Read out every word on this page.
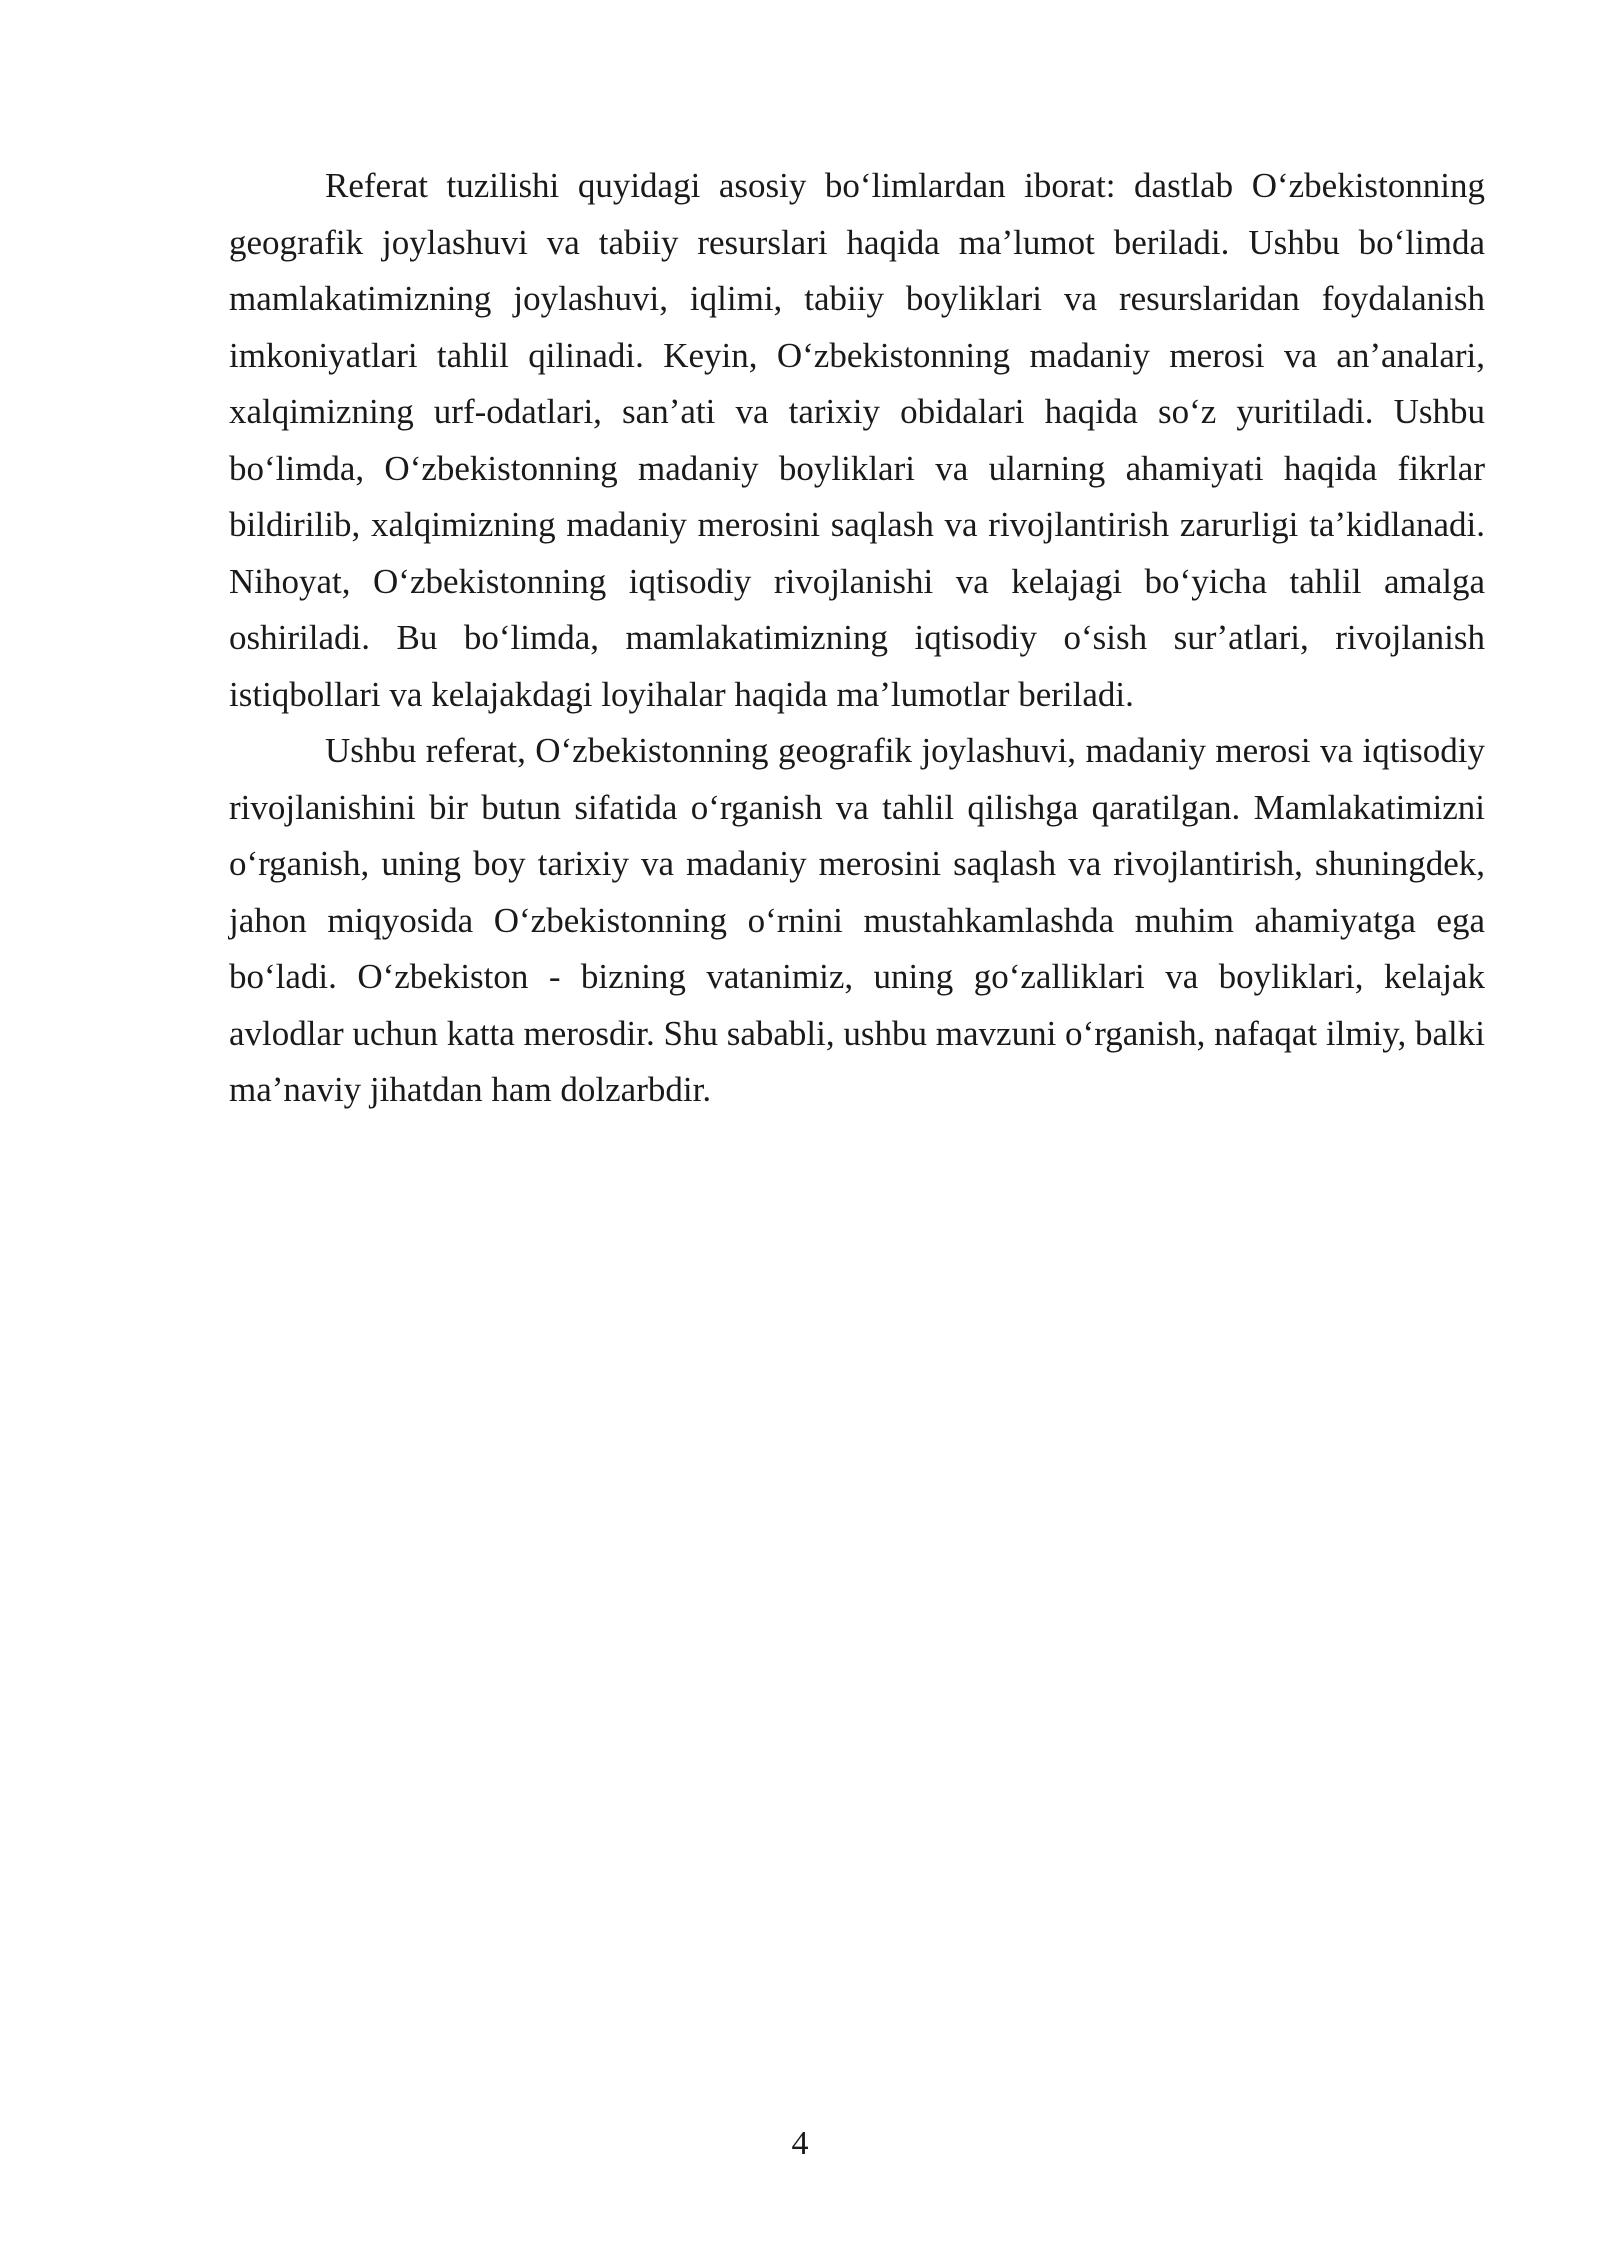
Referat tuzilishi quyidagi asosiy boʻlimlardan iborat: dastlab Oʻzbekistonning geografik joylashuvi va tabiiy resurslari haqida maʼlumot beriladi. Ushbu boʻlimda mamlakatimizning joylashuvi, iqlimi, tabiiy boyliklari va resurslaridan foydalanish imkoniyatlari tahlil qilinadi. Keyin, Oʻzbekistonning madaniy merosi va anʼanalari, xalqimizning urf-odatlari, sanʼati va tarixiy obidalari haqida soʻz yuritiladi. Ushbu boʻlimda, Oʻzbekistonning madaniy boyliklari va ularning ahamiyati haqida fikrlar bildirilib, xalqimizning madaniy merosini saqlash va rivojlantirish zarurligi taʼkidlanadi. Nihoyat, Oʻzbekistonning iqtisodiy rivojlanishi va kelajagi boʻyicha tahlil amalga oshiriladi. Bu boʻlimda, mamlakatimizning iqtisodiy oʻsish surʼatlari, rivojlanish istiqbollari va kelajakdagi loyihalar haqida maʼlumotlar beriladi.

Ushbu referat, Oʻzbekistonning geografik joylashuvi, madaniy merosi va iqtisodiy rivojlanishini bir butun sifatida oʻrganish va tahlil qilishga qaratilgan. Mamlakatimizni oʻrganish, uning boy tarixiy va madaniy merosini saqlash va rivojlantirish, shuningdek, jahon miqyosida Oʻzbekistonning oʻrnini mustahkamlashda muhim ahamiyatga ega boʻladi. Oʻzbekiston - bizning vatanimiz, uning goʻzalliklari va boyliklari, kelajak avlodlar uchun katta merosdir. Shu sababli, ushbu mavzuni oʻrganish, nafaqat ilmiy, balki maʼnaviy jihatdan ham dolzarbdir.

4
